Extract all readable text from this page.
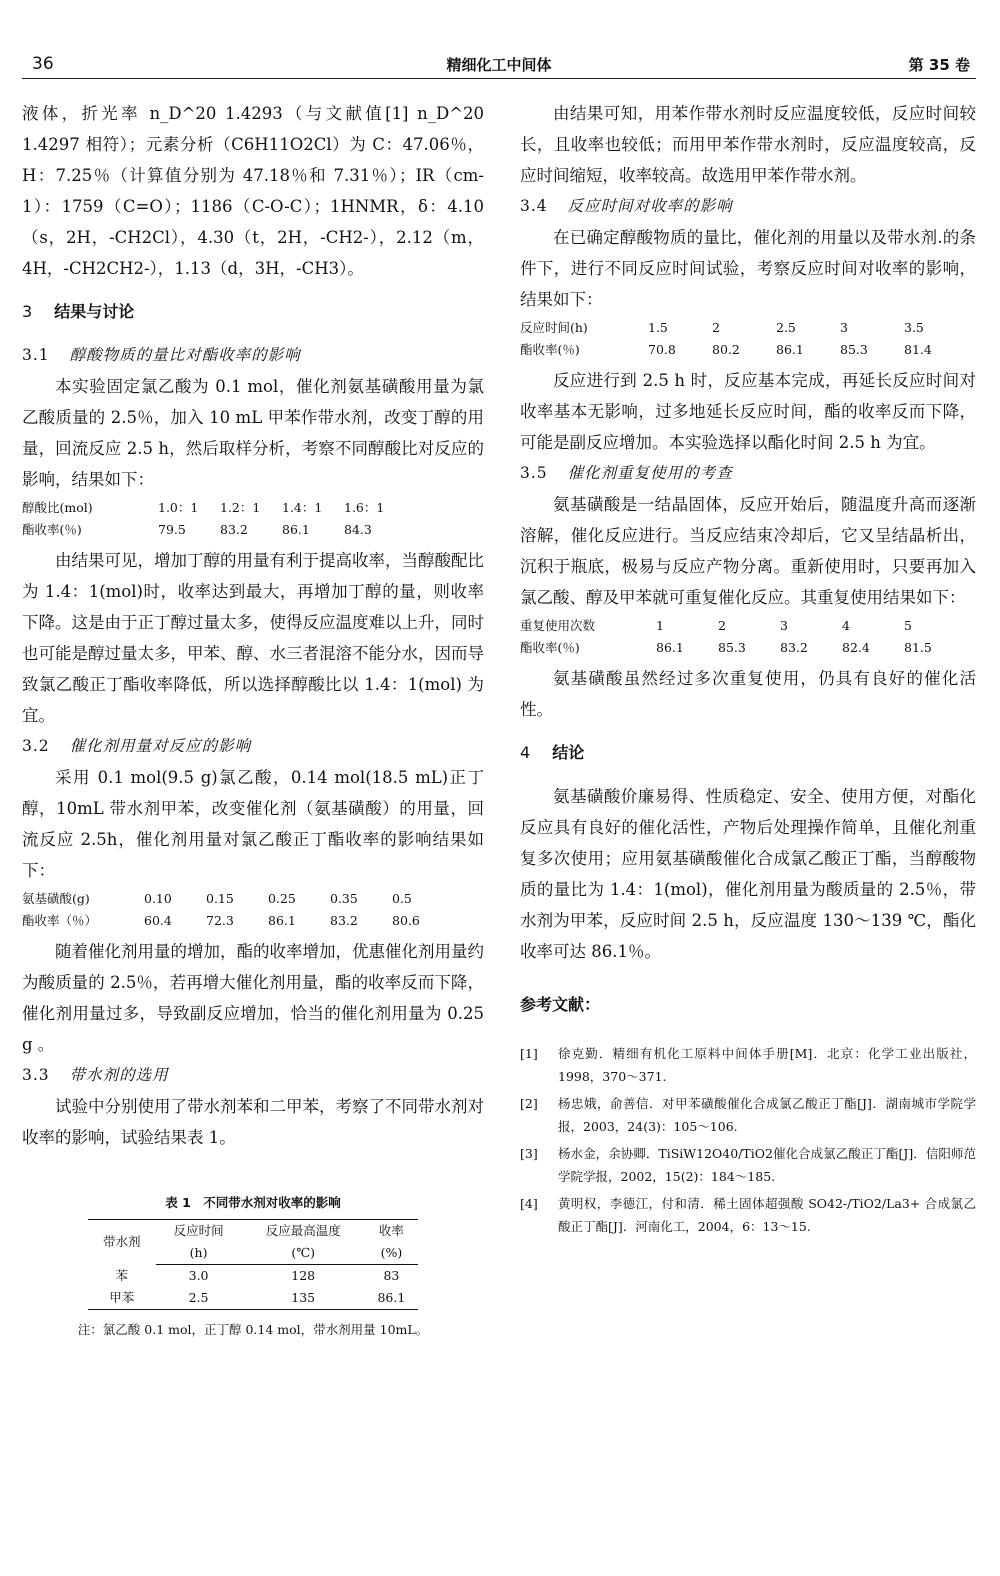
36	精细化工中间体	第 35 卷

液体，折光率 n_D^20 1.4293（与文献值[1] n_D^20 1.4297 相符）；元素分析（C6H11O2Cl）为 C：47.06％，H：7.25％（计算值分别为 47.18％和 7.31％）；IR（cm-1）：1759（C=O）；1186（C-O-C）；1HNMR，δ：4.10（s，2H，-CH2Cl），4.30（t，2H，-CH2-），2.12（m，4H，-CH2CH2-），1.13（d，3H，-CH3）。

3 结果与讨论
3.1 醇酸物质的量比对酯收率的影响

本实验固定氯乙酸为 0.1 mol，催化剂氨基磺酸用量为氯乙酸质量的 2.5％，加入 10 mL 甲苯作带水剂，改变丁醇的用量，回流反应 2.5 h，然后取样分析，考察不同醇酸比对反应的影响，结果如下：

醇酸比(mol)	1.0：1 1.2：1 1.4：1 1.6：1
酯收率(％)	79.5	83.2	86.1	84.3

由结果可见，增加丁醇的用量有利于提高收率，当醇酸配比为 1.4：1(mol)时，收率达到最大，再增加丁醇的量，则收率下降。这是由于正丁醇过量太多，使得反应温度难以上升，同时也可能是醇过量太多，甲苯、醇、水三者混溶不能分水，因而导致氯乙酸正丁酯收率降低，所以选择醇酸比以 1.4：1(mol) 为宜。

3.2 催化剂用量对反应的影响

采用 0.1 mol(9.5 g)氯乙酸，0.14 mol(18.5 mL)正丁醇，10mL 带水剂甲苯，改变催化剂（氨基磺酸）的用量，回流反应 2.5h，催化剂用量对氯乙酸正丁酯收率的影响结果如下：

氨基磺酸(g)	0.10	0.15	0.25	0.35	0.5
酯收率（％）	60.4	72.3	86.1	83.2	80.6

随着催化剂用量的增加，酯的收率增加，优惠催化剂用量约为酸质量的 2.5％，若再增大催化剂用量，酯的收率反而下降，催化剂用量过多，导致副反应增加，恰当的催化剂用量为 0.25 g 。

3.3 带水剂的选用

试验中分别使用了带水剂苯和二甲苯，考察了不同带水剂对收率的影响，试验结果表 1。

表 1　不同带水剂对收率的影响
带水剂	反应时间	反应最高温度	收率
	(h)	(℃)	(%)
苯	3.0	128	83
甲苯	2.5	135	86.1
注：氯乙酸 0.1 mol，正丁醇 0.14 mol，带水剂用量 10mL。

由结果可知，用苯作带水剂时反应温度较低，反应时间较长，且收率也较低；而用甲苯作带水剂时，反应温度较高，反应时间缩短，收率较高。故选用甲苯作带水剂。

3.4 反应时间对收率的影响

在已确定醇酸物质的量比，催化剂的用量以及带水剂.的条件下，进行不同反应时间试验，考察反应时间对收率的影响，结果如下：

反应时间(h)	1.5	2	2.5	3	3.5
酯收率(％)	70.8	80.2	86.1	85.3	81.4

反应进行到 2.5 h 时，反应基本完成，再延长反应时间对收率基本无影响，过多地延长反应时间，酯的收率反而下降，可能是副反应增加。本实验选择以酯化时间 2.5 h 为宜。

3.5 催化剂重复使用的考查

氨基磺酸是一结晶固体，反应开始后，随温度升高而逐渐溶解，催化反应进行。当反应结束冷却后，它又呈结晶析出，沉积于瓶底，极易与反应产物分离。重新使用时，只要再加入氯乙酸、醇及甲苯就可重复催化反应。其重复使用结果如下：

重复使用次数	1	2	3	4	5
酯收率(％)	86.1	85.3	83.2	82.4	81.5

氨基磺酸虽然经过多次重复使用，仍具有良好的催化活性。

4 结论

氨基磺酸价廉易得、性质稳定、安全、使用方便，对酯化反应具有良好的催化活性，产物后处理操作简单，且催化剂重复多次使用；应用氨基磺酸催化合成氯乙酸正丁酯，当醇酸物质的量比为 1.4：1(mol)，催化剂用量为酸质量的 2.5％，带水剂为甲苯，反应时间 2.5 h，反应温度 130～139 ℃，酯化收率可达 86.1％。

参考文献：
[1]	徐克勤．精细有机化工原料中间体手册[M]．北京：化学工业出版社，1998，370～371.
[2]	杨忠娥，俞善信．对甲苯磺酸催化合成氯乙酸正丁酯[J]．湖南城市学院学报，2003，24(3)：105～106.
[3]	杨水金，余协卿．TiSiW12O40/TiO2催化合成氯乙酸正丁酯[J]．信阳师范学院学报，2002，15(2)：184～185.
[4]	黄明权，李德江，付和清．稀土固体超强酸 SO42-/TiO2/La3+ 合成氯乙酸正丁酯[J]．河南化工，2004，6：13～15.
